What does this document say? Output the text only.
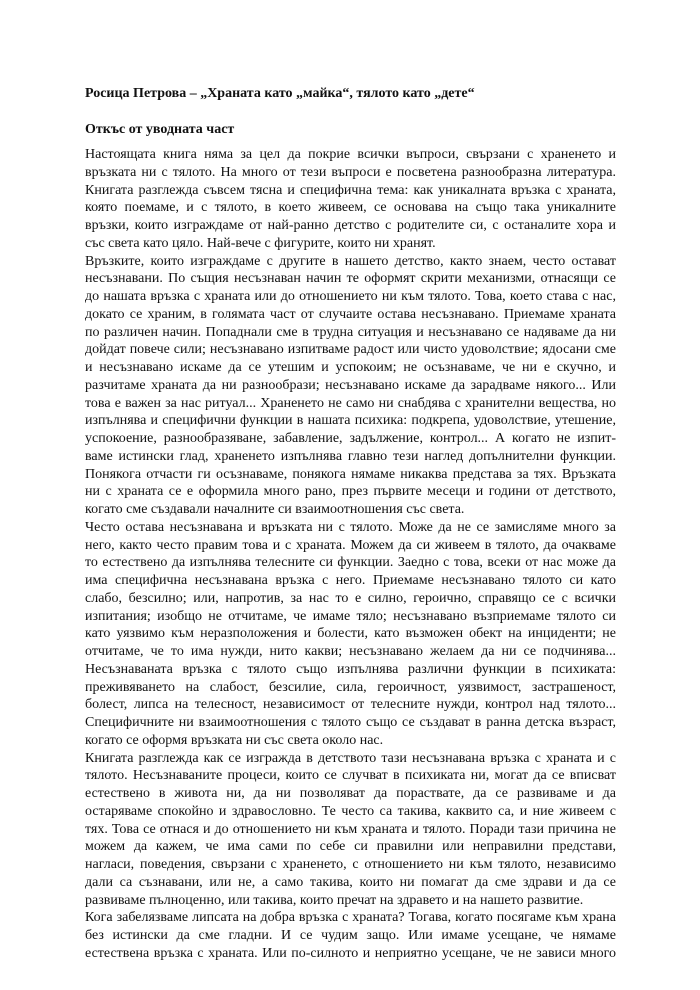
Росица Петрова – „Храната като „майка“, тялото като „дете“
Откъс от уводната част
Настоящата книга няма за цел да покрие всички въпроси, свързани с храненето и
връзката ни с тялото. На много от тези въпроси е посветена разнообразна литература.
Книгата разглежда съвсем тясна и специфична тема: как уникалната връзка с храната,
която поемаме, и с тялото, в което живеем, се основава на също така уникалните
връзки, които изграждаме от най-ранно детство с родителите си, с останалите хора и
със света като цяло. Най-вече с фигурите, които ни хранят.
Връзките, които изграждаме с другите в нашето детство, както знаем, често остават
несъзнавани. По същия несъзнаван начин те оформят скрити механизми, отнасящи се
до нашата връзка с храната или до отношението ни към тялото. Това, което става с нас,
докато се храним, в голямата част от случаите остава несъзнавано. Приемаме храната
по различен начин. Попаднали сме в трудна ситуация и несъзнавано се надяваме да ни
дойдат повече сили; несъзнавано изпитваме радост или чисто удоволствие; ядосани сме
и несъзнавано искаме да се утешим и успокоим; не осъзнаваме, че ни е скучно, и
разчитаме храната да ни разнообрази; несъзнавано искаме да зарадваме някого... Или
това е важен за нас ритуал... Храненето не само ни снабдява с хранителни вещества, но
изпълнява и специфични функции в нашата психика: подкрепа, удоволствие, утешение,
успокоение, разнообразяване, забавление, задължение, контрол... А когато не изпит-
ваме истински глад, храненето изпълнява главно тези наглед допълнителни функции.
Понякога отчасти ги осъзнаваме, понякога нямаме никаква представа за тях. Връзката
ни с храната се е оформила много рано, през първите месеци и години от детството,
когато сме създавали началните си взаимоотношения със света.
Често остава несъзнавана и връзката ни с тялото. Може да не се замисляме много за
него, както често правим това и с храната. Можем да си живеем в тялото, да очакваме
то естествено да изпълнява телесните си функции. Заедно с това, всеки от нас може да
има специфична несъзнавана връзка с него. Приемаме несъзнавано тялото си като
слабо, безсилно; или, напротив, за нас то е силно, героично, справящо се с всички
изпитания; изобщо не отчитаме, че имаме тяло; несъзнавано възприемаме тялото си
като уязвимо към неразположения и болести, като възможен обект на инциденти; не
отчитаме, че то има нужди, нито какви; несъзнавано желаем да ни се подчинява...
Несъзнаваната връзка с тялото също изпълнява различни функции в психиката:
преживяването на слабост, безсилие, сила, героичност, уязвимост, застрашеност,
болест, липса на телесност, независимост от телесните нужди, контрол над тялото...
Специфичните ни взаимоотношения с тялото също се създават в ранна детска възраст,
когато се оформя връзката ни със света около нас.
Книгата разглежда как се изгражда в детството тази несъзнавана връзка с храната и с
тялото. Несъзнаваните процеси, които се случват в психиката ни, могат да се вписват
естествено в живота ни, да ни позволяват да пораствате, да се развиваме и да
остаряваме спокойно и здравословно. Те често са такива, каквито са, и ние живеем с
тях. Това се отнася и до отношението ни към храната и тялото. Поради тази причина не
можем да кажем, че има сами по себе си правилни или неправилни представи,
нагласи, поведения, свързани с храненето, с отношението ни към тялото, независимо
дали са съзнавани, или не, а само такива, които ни помагат да сме здрави и да се
развиваме пълноценно, или такива, които пречат на здравето и на нашето развитие.
Кога забелязваме липсата на добра връзка с храната? Тогава, когато посягаме към храна
без истински да сме гладни. И се чудим защо. Или имаме усещане, че нямаме
естествена връзка с храната. Или по-силното и неприятно усещане, че не зависи много
